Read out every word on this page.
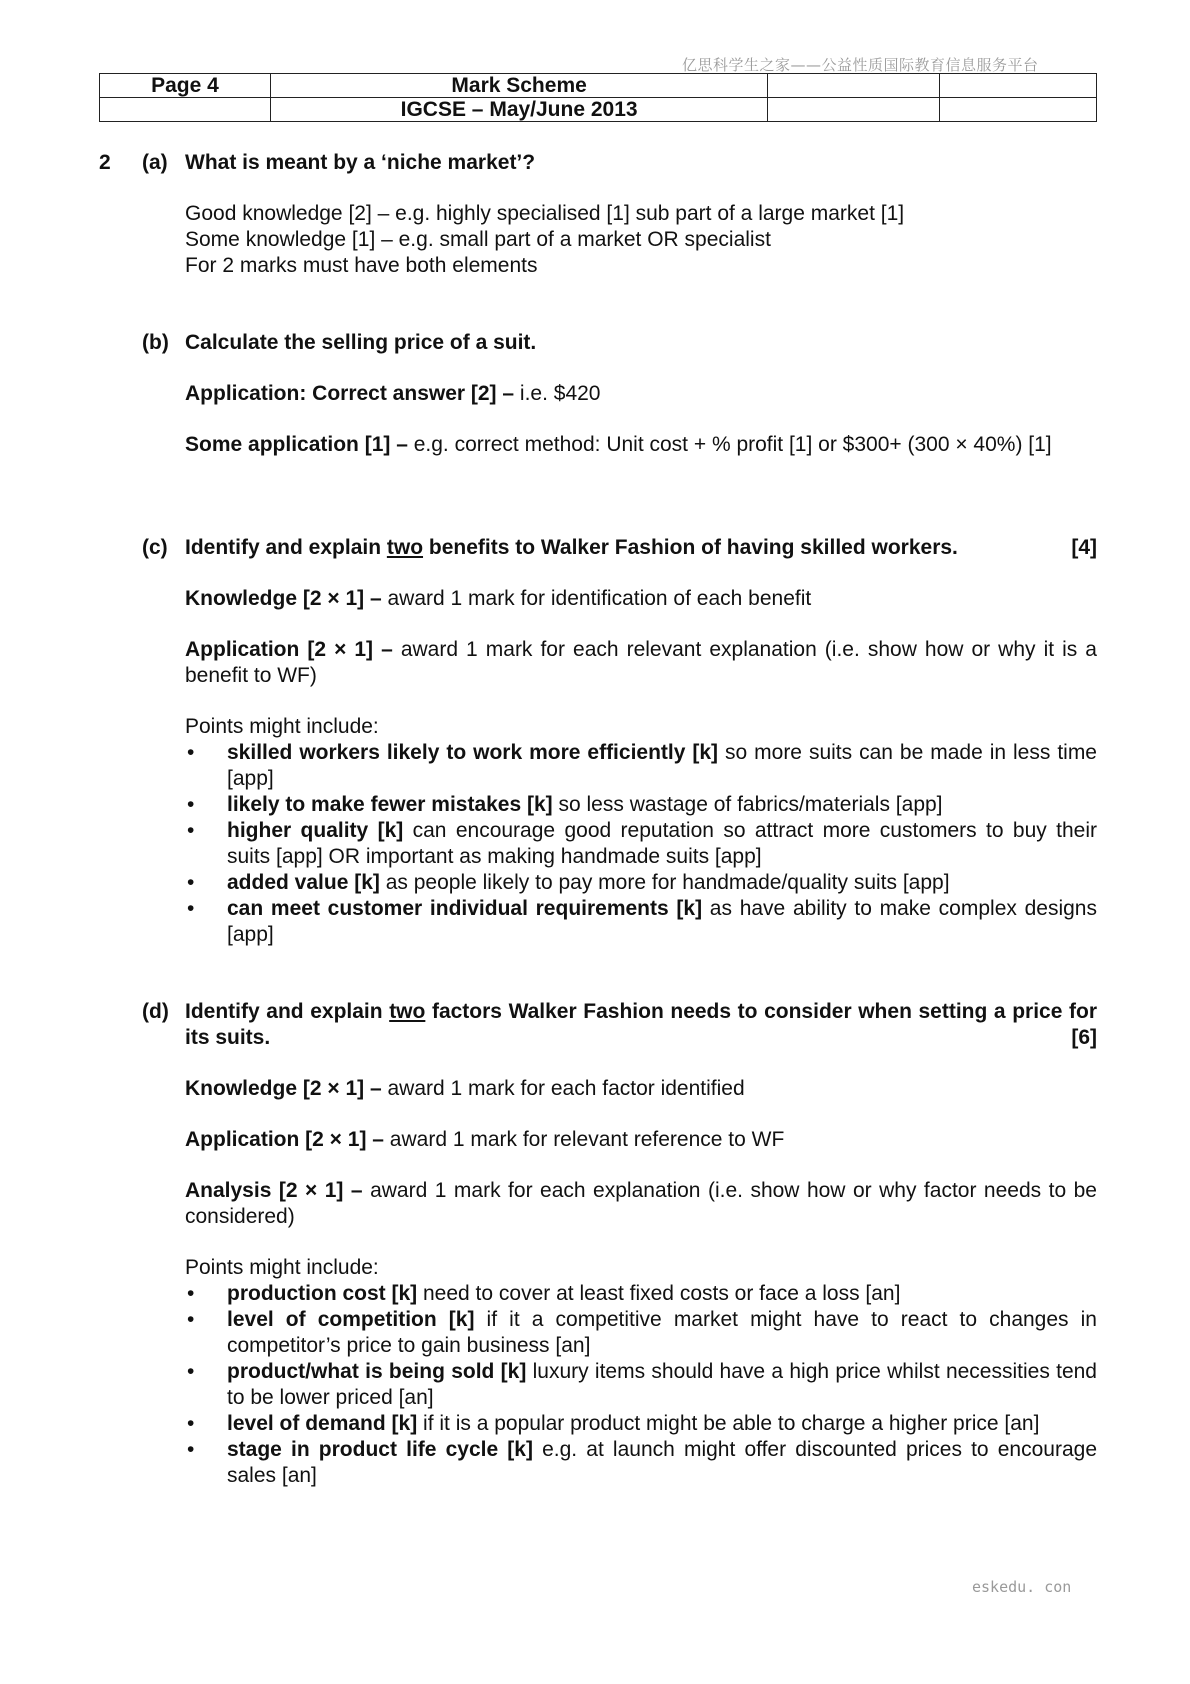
亿思科学生之家——公益性质国际教育信息服务平台
Page 4	Mark Scheme		
	IGCSE – May/June 2013		
2 (a) What is meant by a ‘niche market’?
Good knowledge [2] – e.g. highly specialised [1] sub part of a large market [1]
Some knowledge [1] – e.g. small part of a market OR specialist
For 2 marks must have both elements
(b) Calculate the selling price of a suit.
Application: Correct answer [2] – i.e. $420
Some application [1] – e.g. correct method: Unit cost + % profit [1] or $300+ (300 × 40%) [1]
(c) Identify and explain two benefits to Walker Fashion of having skilled workers.	[4]
Knowledge [2 × 1] – award 1 mark for identification of each benefit
Application [2 × 1] – award 1 mark for each relevant explanation (i.e. show how or why it is a benefit to WF)
Points might include:
• skilled workers likely to work more efficiently [k] so more suits can be made in less time [app]
• likely to make fewer mistakes [k] so less wastage of fabrics/materials [app]
• higher quality [k] can encourage good reputation so attract more customers to buy their suits [app] OR important as making handmade suits [app]
• added value [k] as people likely to pay more for handmade/quality suits [app]
• can meet customer individual requirements [k] as have ability to make complex designs [app]
(d) Identify and explain two factors Walker Fashion needs to consider when setting a price for its suits.	[6]
Knowledge [2 × 1] – award 1 mark for each factor identified
Application [2 × 1] – award 1 mark for relevant reference to WF
Analysis [2 × 1] – award 1 mark for each explanation (i.e. show how or why factor needs to be considered)
Points might include:
• production cost [k] need to cover at least fixed costs or face a loss [an]
• level of competition [k] if it a competitive market might have to react to changes in competitor’s price to gain business [an]
• product/what is being sold [k] luxury items should have a high price whilst necessities tend to be lower priced [an]
• level of demand [k] if it is a popular product might be able to charge a higher price [an]
• stage in product life cycle [k] e.g. at launch might offer discounted prices to encourage sales [an]
eskedu. con
